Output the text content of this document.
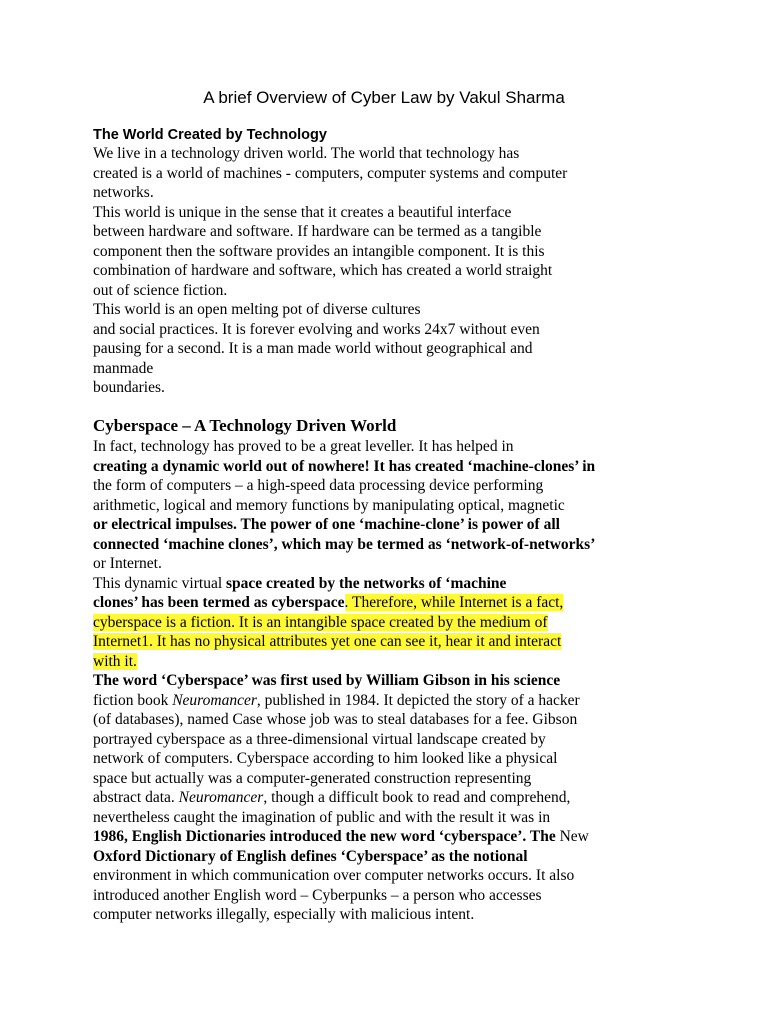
A brief Overview of Cyber Law by Vakul Sharma
The World Created by Technology
We live in a technology driven world. The world that technology has
created is a world of machines - computers, computer systems and computer
networks.
This world is unique in the sense that it creates a beautiful interface
between hardware and software. If hardware can be termed as a tangible
component then the software provides an intangible component. It is this
combination of hardware and software, which has created a world straight
out of science fiction.
This world is an open melting pot of diverse cultures
and social practices. It is forever evolving and works 24x7 without even
pausing for a second. It is a man made world without geographical and
manmade
boundaries.
Cyberspace – A Technology Driven World
In fact, technology has proved to be a great leveller. It has helped in
creating a dynamic world out of nowhere! It has created ‘machine-clones’ in
the form of computers – a high-speed data processing device performing
arithmetic, logical and memory functions by manipulating optical, magnetic
or electrical impulses. The power of one ‘machine-clone’ is power of all
connected ‘machine clones’, which may be termed as ‘network-of-networks’
or Internet.
This dynamic virtual space created by the networks of ‘machine
clones’ has been termed as cyberspace. Therefore, while Internet is a fact,
cyberspace is a fiction. It is an intangible space created by the medium of
Internet1. It has no physical attributes yet one can see it, hear it and interact
with it.
The word ‘Cyberspace’ was first used by William Gibson in his science
fiction book Neuromancer, published in 1984. It depicted the story of a hacker
(of databases), named Case whose job was to steal databases for a fee. Gibson
portrayed cyberspace as a three-dimensional virtual landscape created by
network of computers. Cyberspace according to him looked like a physical
space but actually was a computer-generated construction representing
abstract data. Neuromancer, though a difficult book to read and comprehend,
nevertheless caught the imagination of public and with the result it was in
1986, English Dictionaries introduced the new word ‘cyberspace’. The New
Oxford Dictionary of English defines ‘Cyberspace’ as the notional
environment in which communication over computer networks occurs. It also
introduced another English word – Cyberpunks – a person who accesses
computer networks illegally, especially with malicious intent.
